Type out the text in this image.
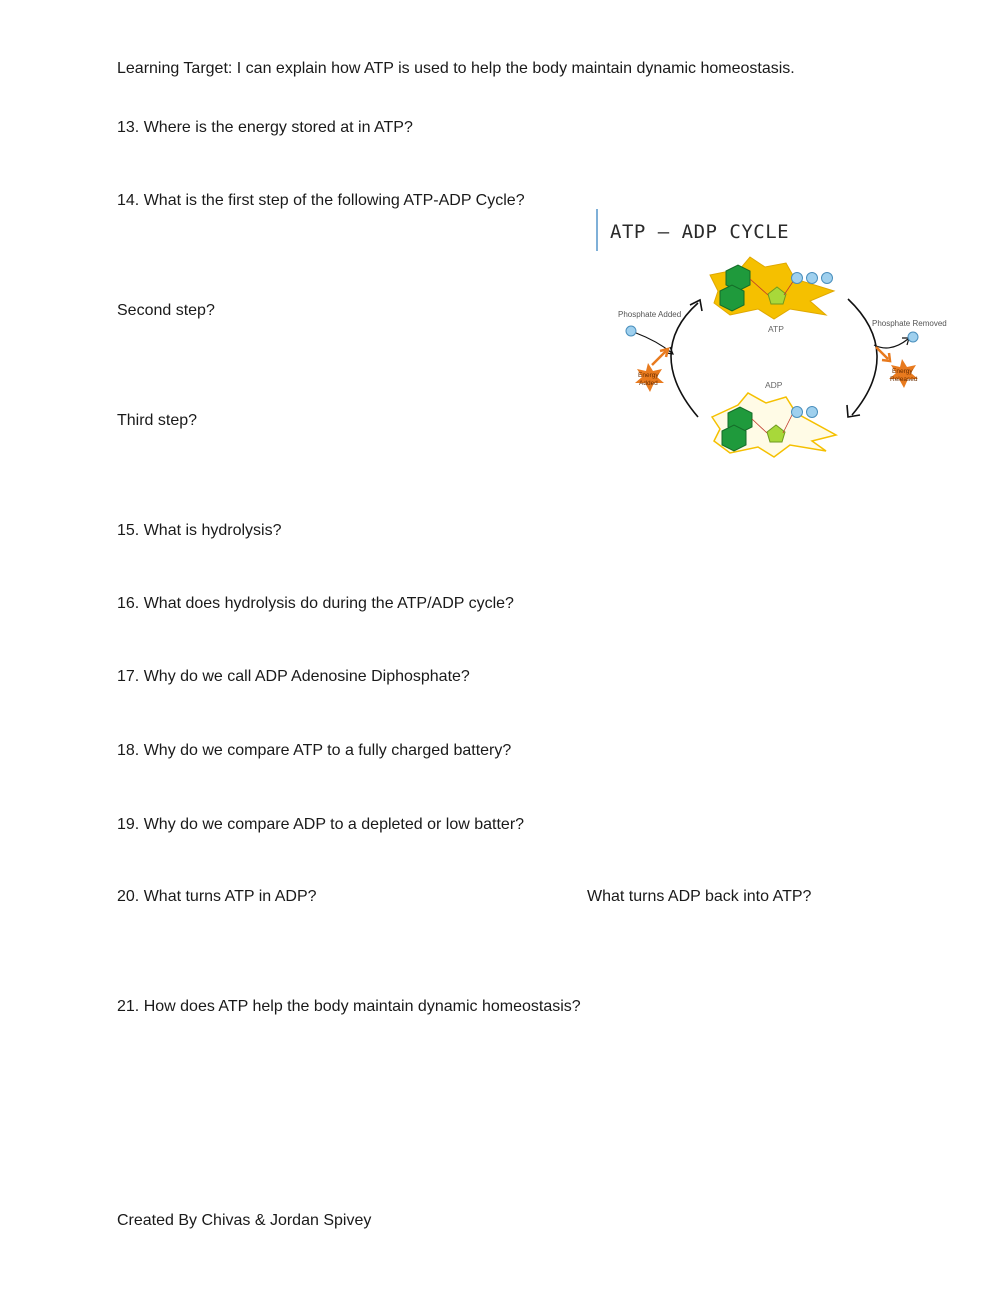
Learning Target: I can explain how ATP is used to help the body maintain dynamic homeostasis.
13. Where is the energy stored at in ATP?
14. What is the first step of the following ATP-ADP Cycle?
Second step?
Third step?
15. What is hydrolysis?
16. What does hydrolysis do during the ATP/ADP cycle?
17. Why do we call ADP Adenosine Diphosphate?
18. Why do we compare ATP to a fully charged battery?
19. Why do we compare ADP to a depleted or low batter?
20. What turns ATP in ADP?	What turns ADP back into ATP?
21. How does ATP help the body maintain dynamic homeostasis?
Created By Chivas & Jordan Spivey
ATP — ADP CYCLE
ATP
ADP
Phosphate Added
Energy
Added
Phosphate Removed
Energy
Released
